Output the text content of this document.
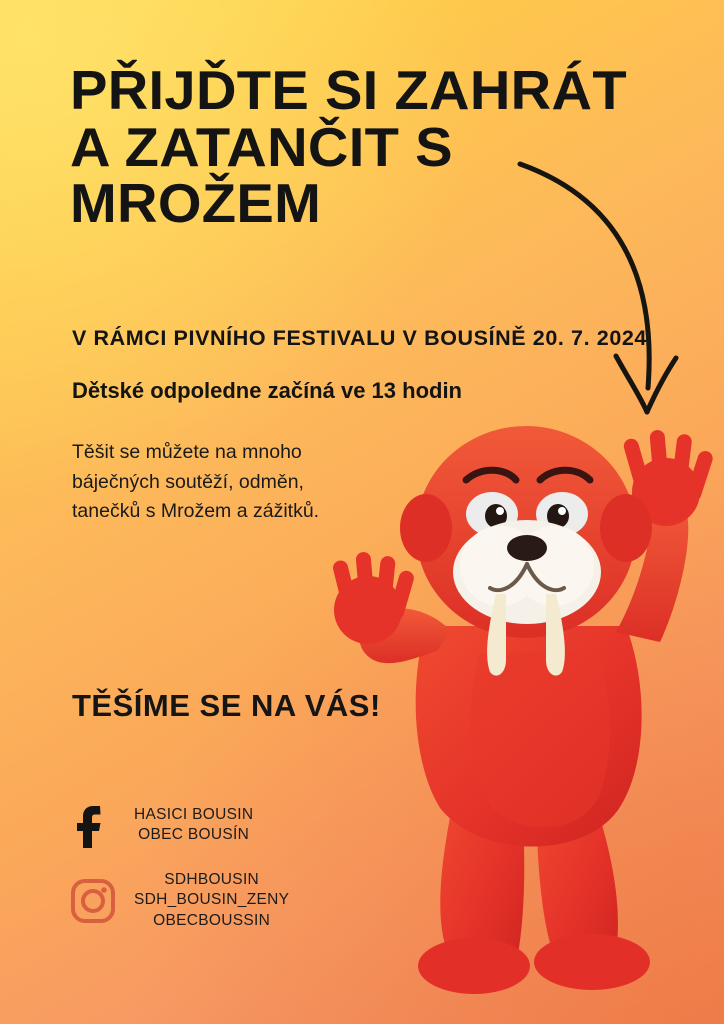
PŘIJĎTE SI ZAHRÁT
A ZATANČIT S
MROŽEM
V RÁMCI PIVNÍHO FESTIVALU V BOUSÍNĚ 20. 7. 2024
Dětské odpoledne začíná ve 13 hodin
Těšit se můžete na mnoho
báječných soutěží, odměn,
tanečků s Mrožem a zážitků.
TĚŠÍME SE NA VÁS!
HASICI BOUSIN
OBEC BOUSÍN
SDHBOUSIN
SDH_BOUSIN_ZENY
OBECBOUSSIN
